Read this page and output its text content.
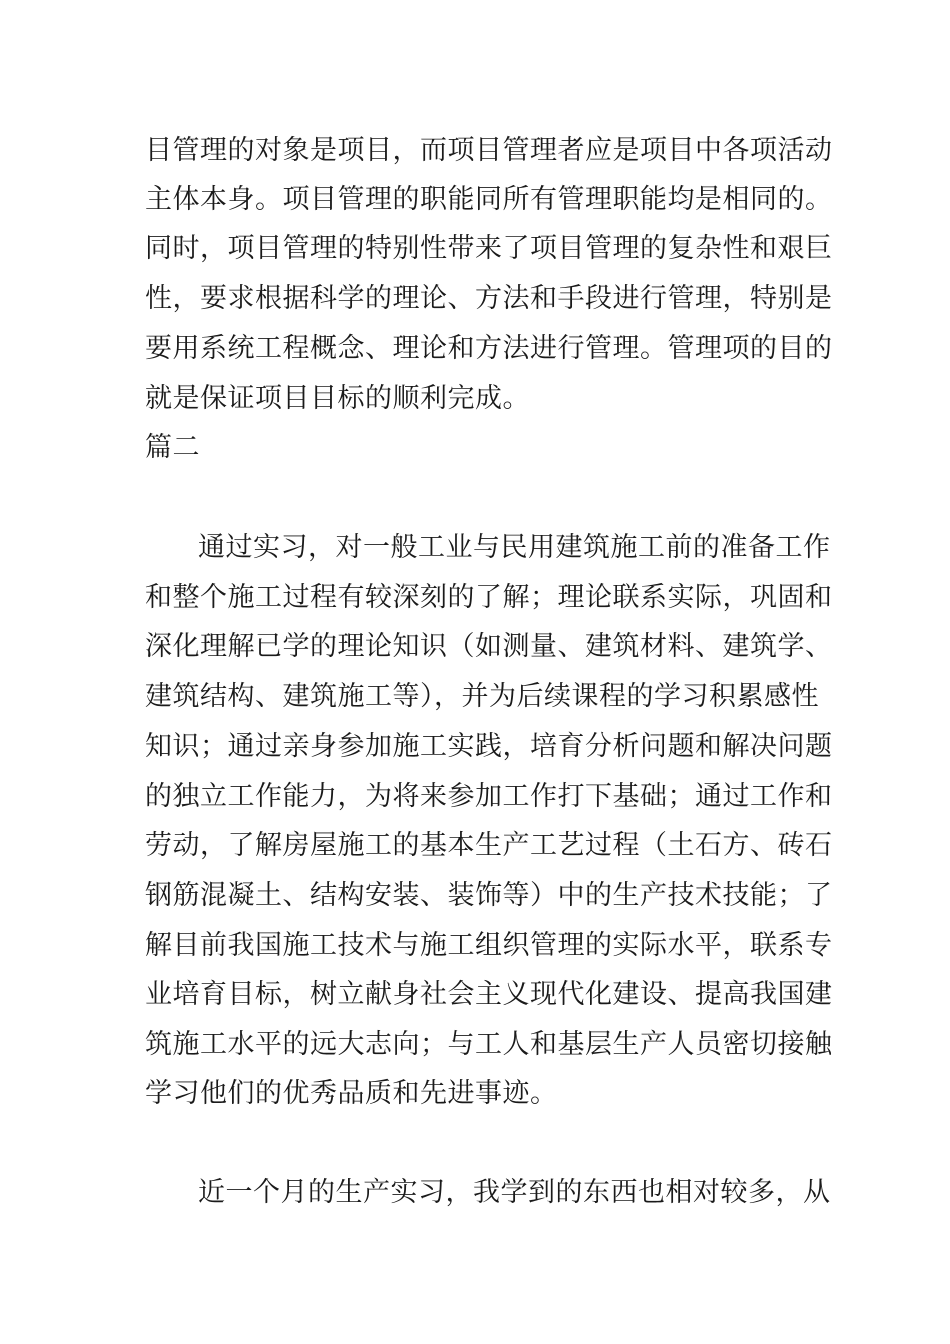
目管理的对象是项目，而项目管理者应是项目中各项活动
主体本身。项目管理的职能同所有管理职能均是相同的。
同时，项目管理的特别性带来了项目管理的复杂性和艰巨
性，要求根据科学的理论、方法和手段进行管理，特别是
要用系统工程概念、理论和方法进行管理。管理项的目的
就是保证项目目标的顺利完成。
篇二
通过实习，对一般工业与民用建筑施工前的准备工作
和整个施工过程有较深刻的了解；理论联系实际，巩固和
深化理解已学的理论知识（如测量、建筑材料、建筑学、
建筑结构、建筑施工等），并为后续课程的学习积累感性
知识；通过亲身参加施工实践，培育分析问题和解决问题
的独立工作能力，为将来参加工作打下基础；通过工作和
劳动，了解房屋施工的基本生产工艺过程（土石方、砖石
钢筋混凝土、结构安装、装饰等）中的生产技术技能；了
解目前我国施工技术与施工组织管理的实际水平，联系专
业培育目标，树立献身社会主义现代化建设、提高我国建
筑施工水平的远大志向；与工人和基层生产人员密切接触
学习他们的优秀品质和先进事迹。
近一个月的生产实习，我学到的东西也相对较多，从
